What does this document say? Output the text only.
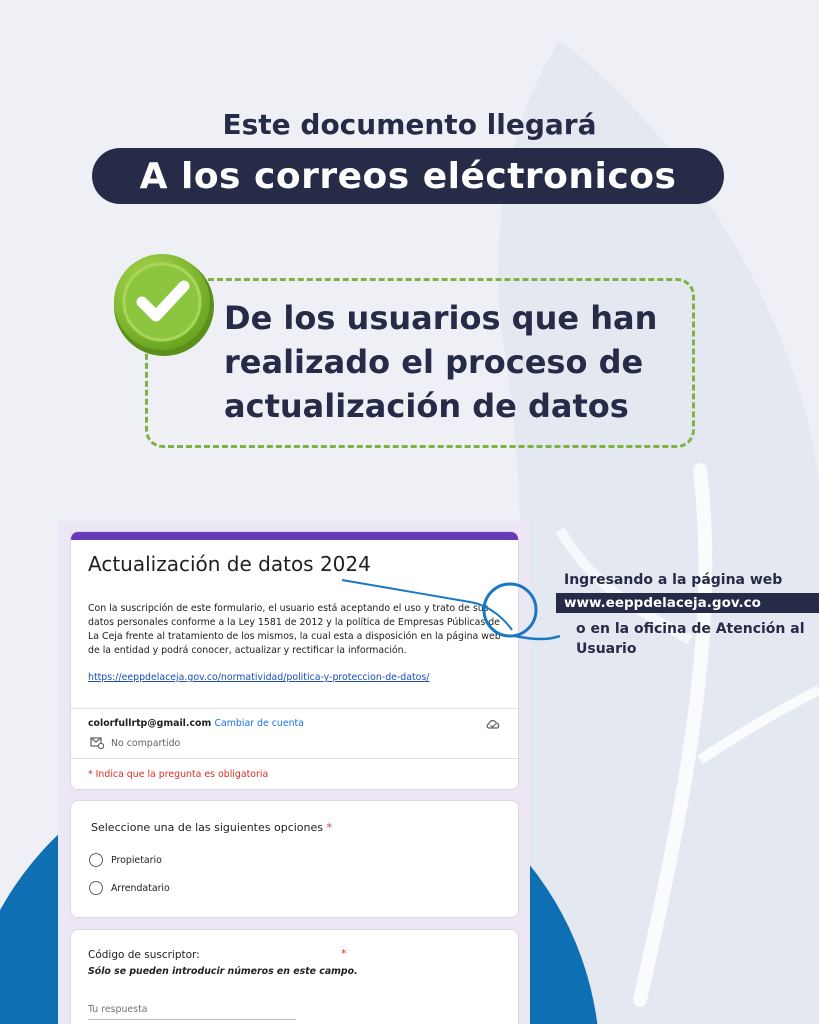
Este documento llegará
A los correos eléctronicos
De los usuarios que han realizado el proceso de actualización de datos
Actualización de datos 2024
Con la suscripción de este formulario, el usuario está aceptando el uso y trato de sus datos personales conforme a la Ley 1581 de 2012 y la política de Empresas Públicas de La Ceja frente al tratamiento de los mismos, la cual esta a disposición en la página web de la entidad y podrá conocer, actualizar y rectificar la información.
https://eeppdelaceja.gov.co/normatividad/politica-y-proteccion-de-datos/
colorfullrtp@gmail.com Cambiar de cuenta
No compartido
* Indica que la pregunta es obligatoria
Seleccione una de las siguientes opciones *
Propietario
Arrendatario
Código de suscriptor:	*
Sólo se pueden introducir números en este campo.
Tu respuesta
Ingresando a la página web
www.eeppdelaceja.gov.co
o en la oficina de Atención al Usuario
